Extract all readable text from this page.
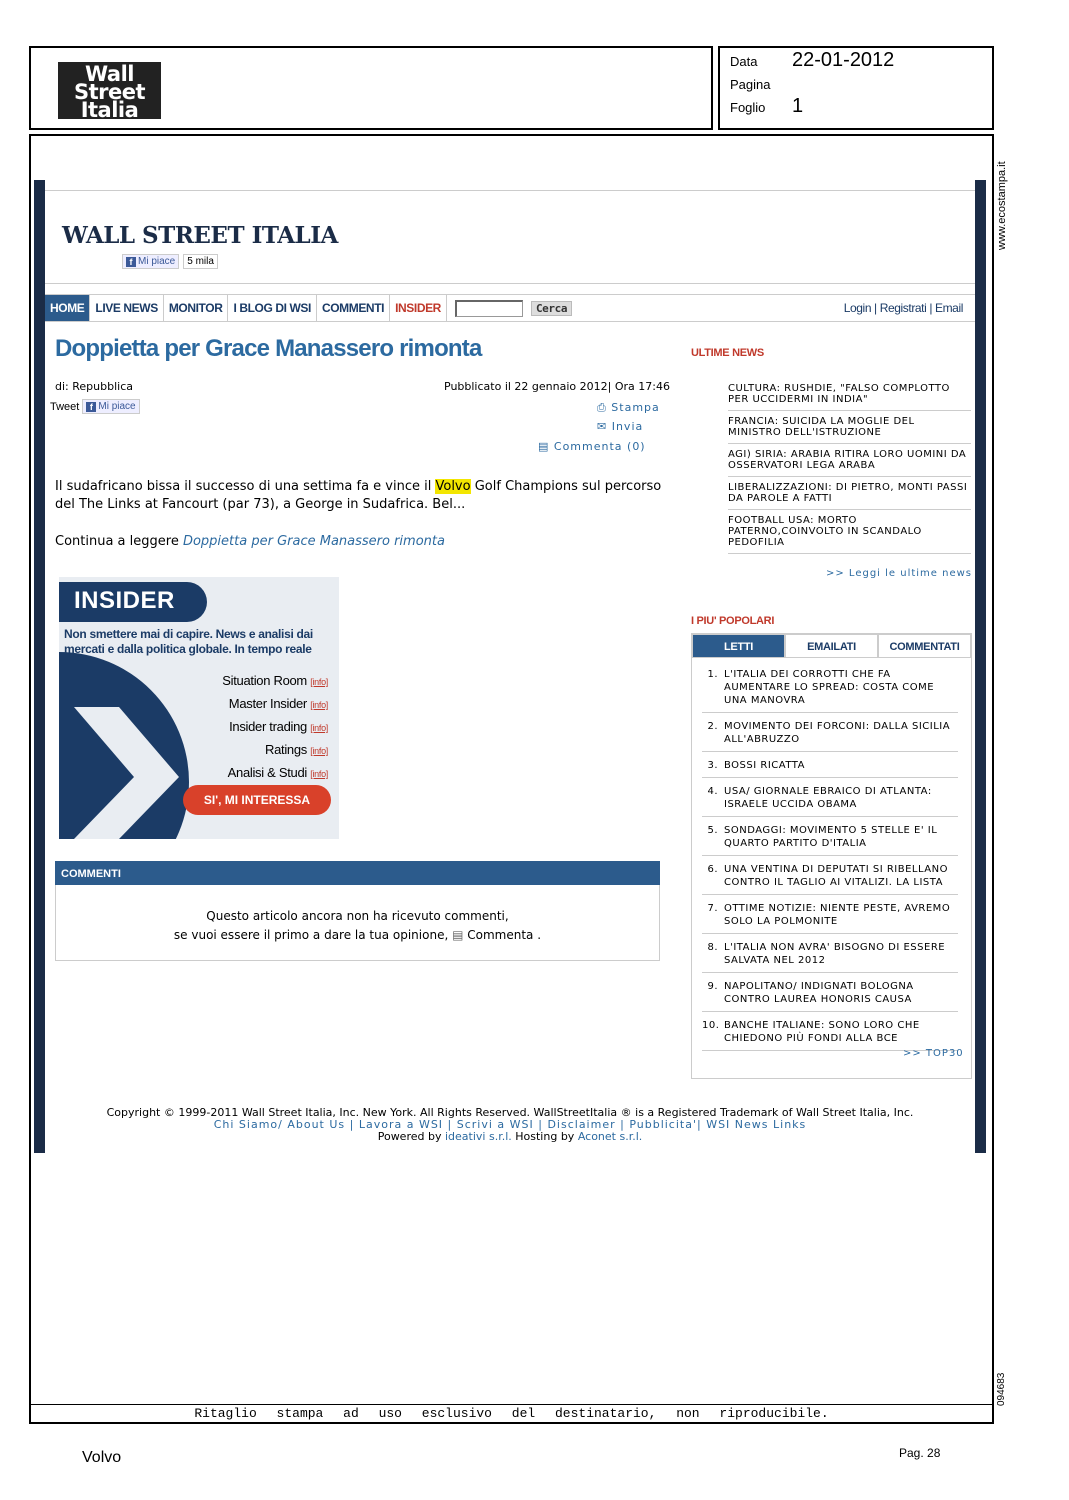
Wall
Street
Italia
Data 22-01-2012
Pagina
Foglio 1
www.ecostampa.it
094683
WALL STREET ITALIA
f Mi piace	5 mila
HOME LIVE NEWS MONITOR I BLOG DI WSI COMMENTI INSIDER	Cerca	Login | Registrati | Email
Doppietta per Grace Manassero rimonta
di: Repubblica	Pubblicato il 22 gennaio 2012| Ora 17:46
Tweet	f Mi piace	⎙ Stampa
✉ Invia
▤ Commenta (0)
Il sudafricano bissa il successo di una settima fa e vince il Volvo Golf Champions sul percorso del The Links at Fancourt (par 73), a George in Sudafrica. Bel...
Continua a leggere Doppietta per Grace Manassero rimonta
INSIDER
Non smettere mai di capire. News e analisi dai mercati e dalla politica globale. In tempo reale
Situation Room [info]
Master Insider [info]
Insider trading [info]
Ratings [info]
Analisi & Studi [info]
SI', MI INTERESSA
COMMENTI
Questo articolo ancora non ha ricevuto commenti,
se vuoi essere il primo a dare la tua opinione, ▤ Commenta .
ULTIME NEWS
CULTURA: RUSHDIE, "FALSO COMPLOTTO PER UCCIDERMI IN INDIA"
FRANCIA: SUICIDA LA MOGLIE DEL MINISTRO DELL'ISTRUZIONE
AGI) SIRIA: ARABIA RITIRA LORO UOMINI DA OSSERVATORI LEGA ARABA
LIBERALIZZAZIONI: DI PIETRO, MONTI PASSI DA PAROLE A FATTI
FOOTBALL USA: MORTO PATERNO,COINVOLTO IN SCANDALO PEDOFILIA
>> Leggi le ultime news
I PIU' POPOLARI
LETTI	EMAILATI	COMMENTATI
1. L'ITALIA DEI CORROTTI CHE FA AUMENTARE LO SPREAD: COSTA COME UNA MANOVRA
2. MOVIMENTO DEI FORCONI: DALLA SICILIA ALL'ABRUZZO
3. BOSSI RICATTA
4. USA/ GIORNALE EBRAICO DI ATLANTA: ISRAELE UCCIDA OBAMA
5. SONDAGGI: MOVIMENTO 5 STELLE E' IL QUARTO PARTITO D'ITALIA
6. UNA VENTINA DI DEPUTATI SI RIBELLANO CONTRO IL TAGLIO AI VITALIZI. LA LISTA
7. OTTIME NOTIZIE: NIENTE PESTE, AVREMO SOLO LA POLMONITE
8. L'ITALIA NON AVRA' BISOGNO DI ESSERE SALVATA NEL 2012
9. NAPOLITANO/ INDIGNATI BOLOGNA CONTRO LAUREA HONORIS CAUSA
10. BANCHE ITALIANE: SONO LORO CHE CHIEDONO PIÙ FONDI ALLA BCE
>> TOP30
Copyright © 1999-2011 Wall Street Italia, Inc. New York. All Rights Reserved. WallStreetItalia ® is a Registered Trademark of Wall Street Italia, Inc.
Chi Siamo/ About Us | Lavora a WSI | Scrivi a WSI | Disclaimer | Pubblicita'| WSI News Links
Powered by ideativi s.r.l. Hosting by Aconet s.r.l.
Ritaglio stampa ad uso esclusivo del destinatario, non riproducibile.
Volvo	Pag. 28
